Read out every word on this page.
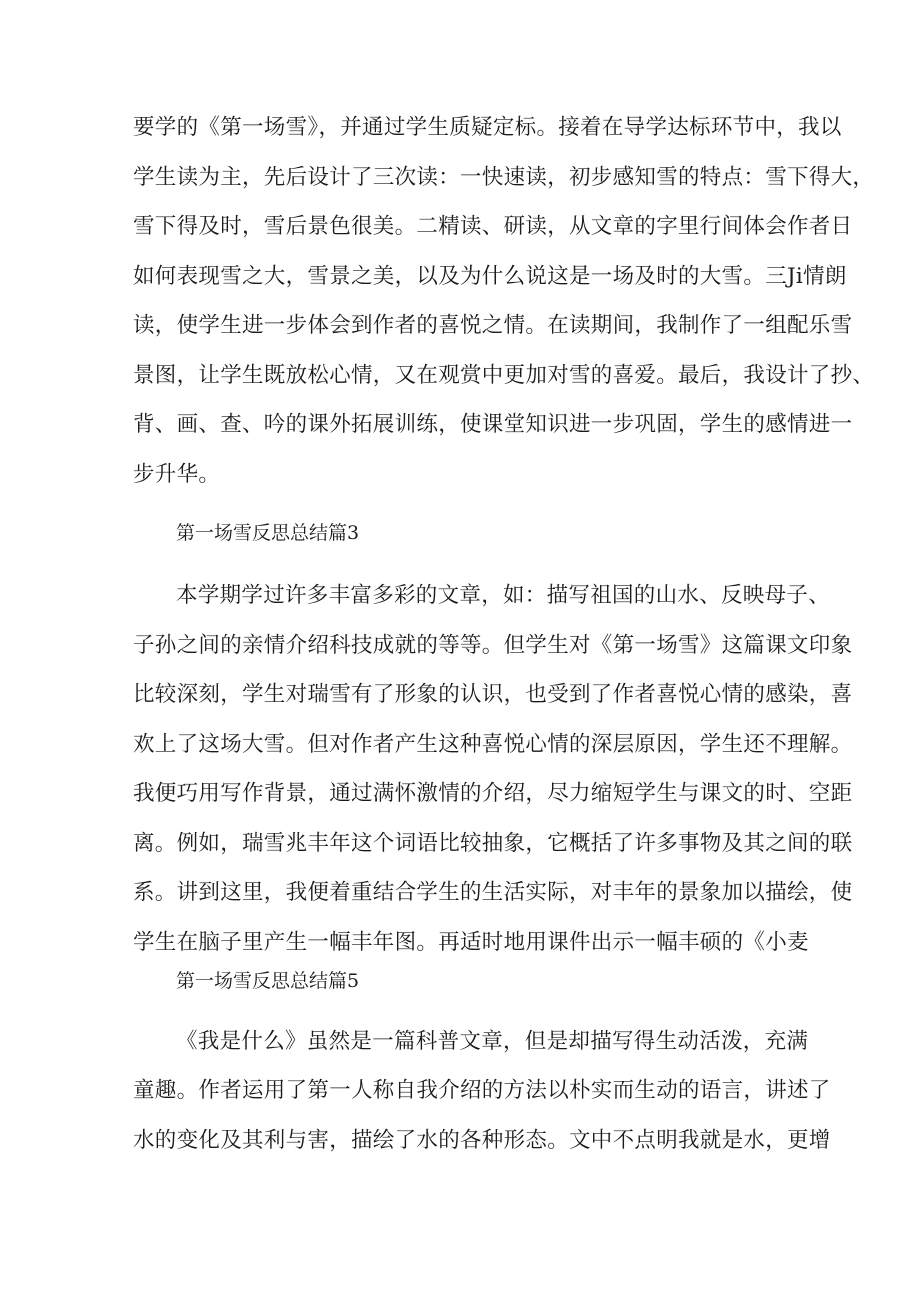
要学的《第一场雪》，并通过学生质疑定标。接着在导学达标环节中，我以

学生读为主，先后设计了三次读：一快速读，初步感知雪的特点：雪下得大，

雪下得及时，雪后景色很美。二精读、研读，从文章的字里行间体会作者日

如何表现雪之大，雪景之美，以及为什么说这是一场及时的大雪。三Ji情朗

读，使学生进一步体会到作者的喜悦之情。在读期间，我制作了一组配乐雪

景图，让学生既放松心情，又在观赏中更加对雪的喜爱。最后，我设计了抄、

背、画、查、吟的课外拓展训练，使课堂知识进一步巩固，学生的感情进一

步升华。

第一场雪反思总结篇3

本学期学过许多丰富多彩的文章，如：描写祖国的山水、反映母子、

子孙之间的亲情介绍科技成就的等等。但学生对《第一场雪》这篇课文印象

比较深刻，学生对瑞雪有了形象的认识，也受到了作者喜悦心情的感染，喜

欢上了这场大雪。但对作者产生这种喜悦心情的深层原因，学生还不理解。

我便巧用写作背景，通过满怀激情的介绍，尽力缩短学生与课文的时、空距

离。例如，瑞雪兆丰年这个词语比较抽象，它概括了许多事物及其之间的联

系。讲到这里，我便着重结合学生的生活实际，对丰年的景象加以描绘，使

学生在脑子里产生一幅丰年图。再适时地用课件出示一幅丰硕的《小麦

第一场雪反思总结篇5

《我是什么》虽然是一篇科普文章，但是却描写得生动活泼，充满

童趣。作者运用了第一人称自我介绍的方法以朴实而生动的语言，讲述了

水的变化及其利与害，描绘了水的各种形态。文中不点明我就是水，更增
